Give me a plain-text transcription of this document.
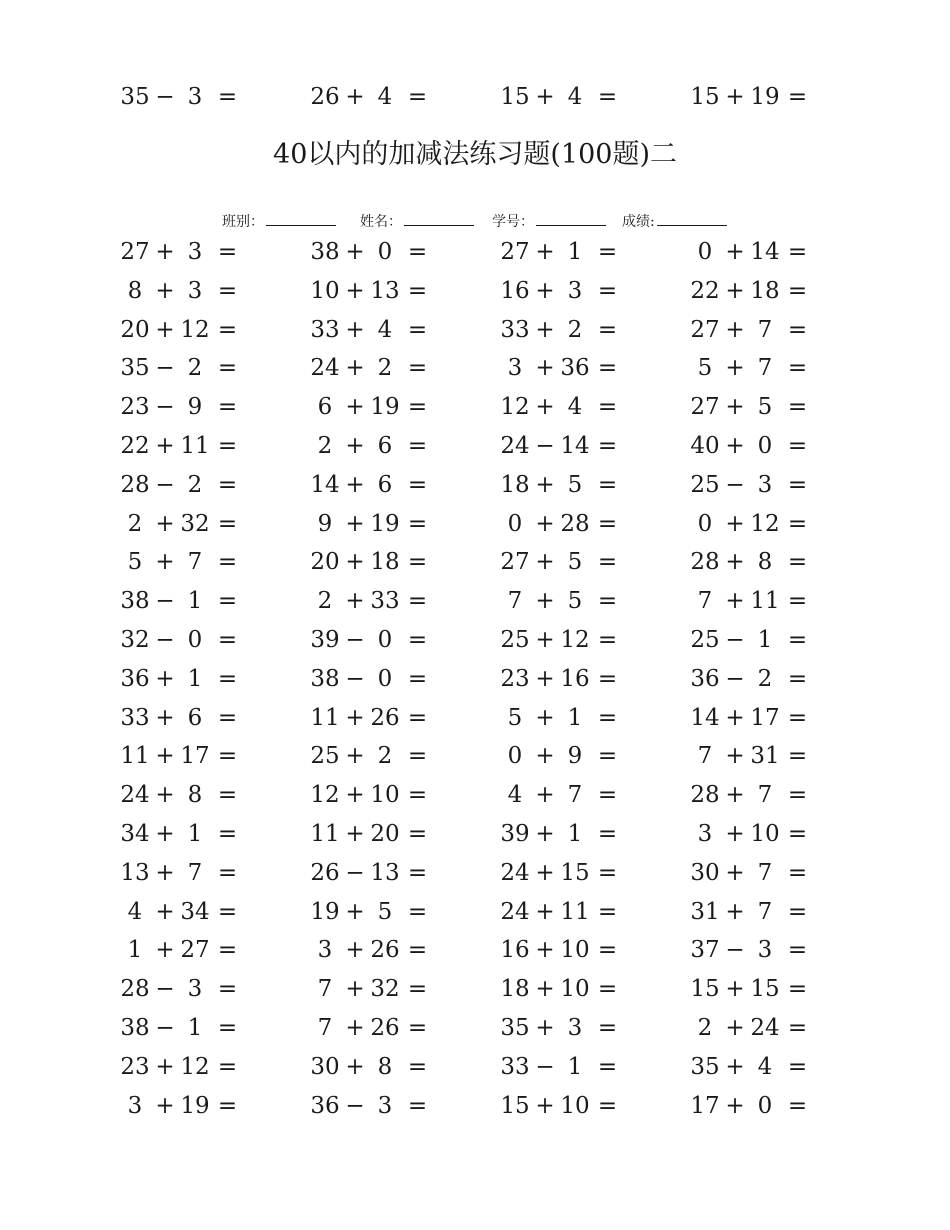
35 − 3 =	26 + 4 =	15 + 4 =	15 + 19 =
40以内的加减法练习题(100题)二
班别：	姓名：	学号：	成绩:
27 + 3 =	38 + 0 =	27 + 1 =	0 + 14 =
8 + 3 =	10 + 13 =	16 + 3 =	22 + 18 =
20 + 12 =	33 + 4 =	33 + 2 =	27 + 7 =
35 − 2 =	24 + 2 =	3 + 36 =	5 + 7 =
23 − 9 =	6 + 19 =	12 + 4 =	27 + 5 =
22 + 11 =	2 + 6 =	24 − 14 =	40 + 0 =
28 − 2 =	14 + 6 =	18 + 5 =	25 − 3 =
2 + 32 =	9 + 19 =	0 + 28 =	0 + 12 =
5 + 7 =	20 + 18 =	27 + 5 =	28 + 8 =
38 − 1 =	2 + 33 =	7 + 5 =	7 + 11 =
32 − 0 =	39 − 0 =	25 + 12 =	25 − 1 =
36 + 1 =	38 − 0 =	23 + 16 =	36 − 2 =
33 + 6 =	11 + 26 =	5 + 1 =	14 + 17 =
11 + 17 =	25 + 2 =	0 + 9 =	7 + 31 =
24 + 8 =	12 + 10 =	4 + 7 =	28 + 7 =
34 + 1 =	11 + 20 =	39 + 1 =	3 + 10 =
13 + 7 =	26 − 13 =	24 + 15 =	30 + 7 =
4 + 34 =	19 + 5 =	24 + 11 =	31 + 7 =
1 + 27 =	3 + 26 =	16 + 10 =	37 − 3 =
28 − 3 =	7 + 32 =	18 + 10 =	15 + 15 =
38 − 1 =	7 + 26 =	35 + 3 =	2 + 24 =
23 + 12 =	30 + 8 =	33 − 1 =	35 + 4 =
3 + 19 =	36 − 3 =	15 + 10 =	17 + 0 =
